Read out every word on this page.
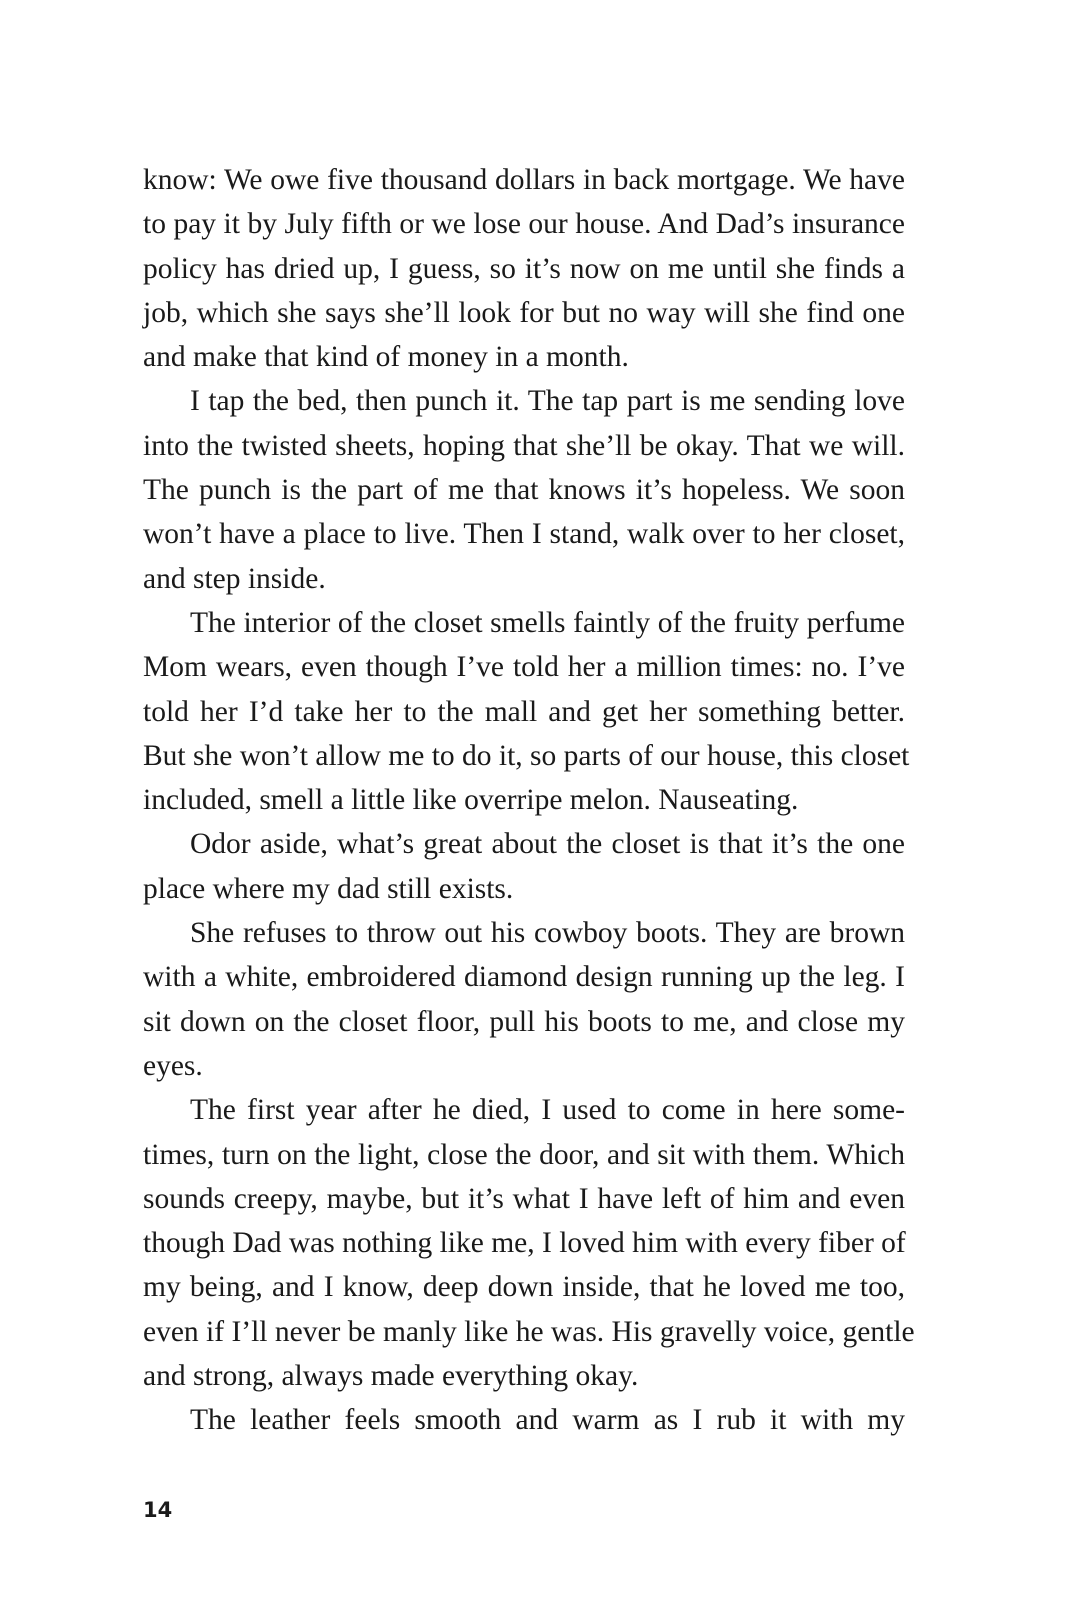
know: We owe five thousand dollars in back mortgage. We have
to pay it by July fifth or we lose our house. And Dad’s insurance
policy has dried up, I guess, so it’s now on me until she finds a
job, which she says she’ll look for but no way will she find one
and make that kind of money in a month.
I tap the bed, then punch it. The tap part is me sending love
into the twisted sheets, hoping that she’ll be okay. That we will.
The punch is the part of me that knows it’s hopeless. We soon
won’t have a place to live. Then I stand, walk over to her closet,
and step inside.
The interior of the closet smells faintly of the fruity perfume
Mom wears, even though I’ve told her a million times: no. I’ve
told her I’d take her to the mall and get her something better.
But she won’t allow me to do it, so parts of our house, this closet
included, smell a little like overripe melon. Nauseating.
Odor aside, what’s great about the closet is that it’s the one
place where my dad still exists.
She refuses to throw out his cowboy boots. They are brown
with a white, embroidered diamond design running up the leg. I
sit down on the closet floor, pull his boots to me, and close my
eyes.
The first year after he died, I used to come in here some-
times, turn on the light, close the door, and sit with them. Which
sounds creepy, maybe, but it’s what I have left of him and even
though Dad was nothing like me, I loved him with every fiber of
my being, and I know, deep down inside, that he loved me too,
even if I’ll never be manly like he was. His gravelly voice, gentle
and strong, always made everything okay.
The leather feels smooth and warm as I rub it with my
14
